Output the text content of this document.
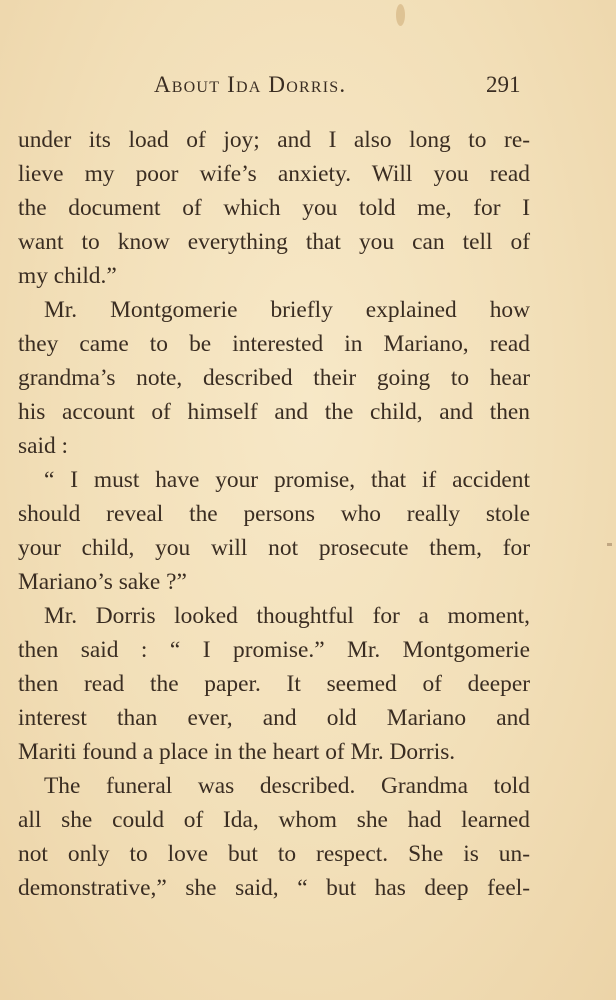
About Ida Dorris.	291
under its load of joy; and I also long to re-
lieve my poor wife’s anxiety. Will you read
the document of which you told me, for I
want to know everything that you can tell of
my child.”
Mr. Montgomerie briefly explained how
they came to be interested in Mariano, read
grandma’s note, described their going to hear
his account of himself and the child, and then
said :
“ I must have your promise, that if accident
should reveal the persons who really stole
your child, you will not prosecute them, for
Mariano’s sake ?”
Mr. Dorris looked thoughtful for a moment,
then said : “ I promise.” Mr. Montgomerie
then read the paper. It seemed of deeper
interest than ever, and old Mariano and
Mariti found a place in the heart of Mr. Dorris.
The funeral was described. Grandma told
all she could of Ida, whom she had learned
not only to love but to respect. She is un-
demonstrative,” she said, “ but has deep feel-
